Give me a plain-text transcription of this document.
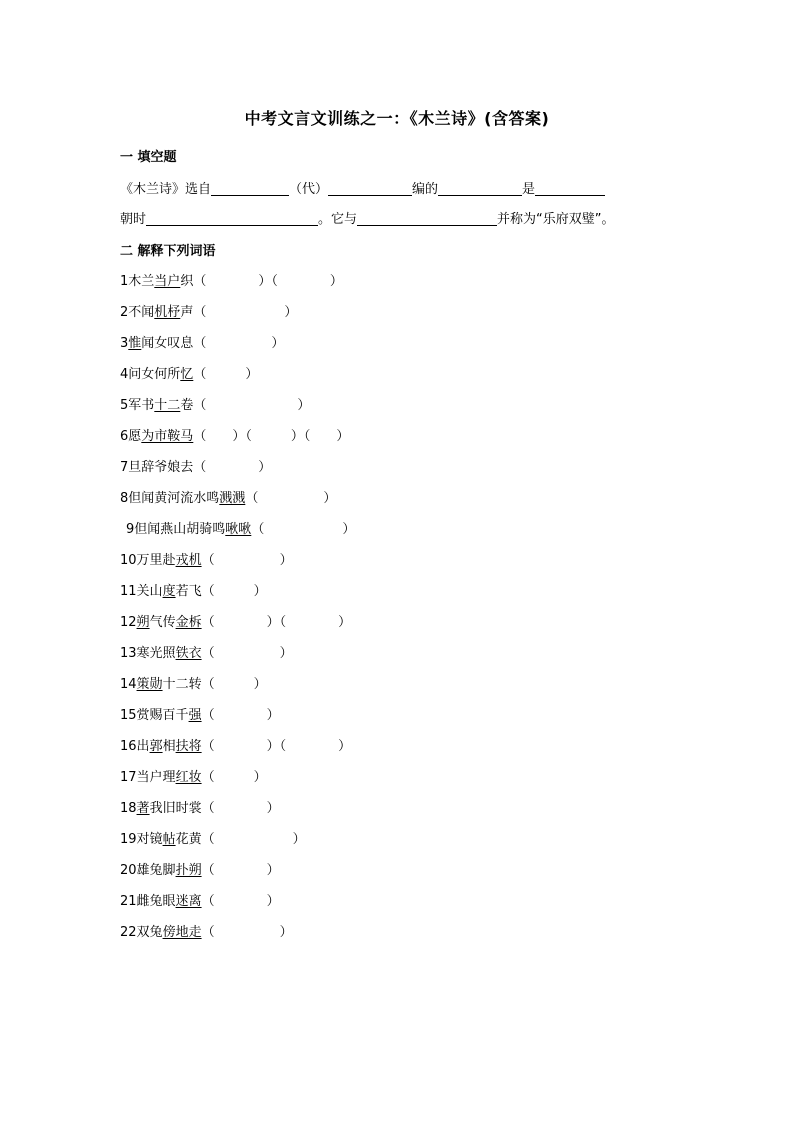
中考文言文训练之一：《木兰诗》(含答案)
一 填空题
《木兰诗》选自	（代）	编的	是
朝时	。它与	并称为“乐府双璧”。
二 解释下列词语
1木兰当户织（　　　　）（　　　　）
2不闻机杼声（　　　　　　）
3惟闻女叹息（　　　　　）
4问女何所忆（　　　）
5军书十二卷（　　　　　　　）
6愿为市鞍马（　　）（　　　）（　　）
7旦辞爷娘去（　　　　）
8但闻黄河流水鸣溅溅（　　　　　）
9但闻燕山胡骑鸣啾啾（　　　　　　）
10万里赴戎机（　　　　　）
11关山度若飞（　　　）
12朔气传金柝（　　　　）（　　　　）
13寒光照铁衣（　　　　　）
14策勋十二转（　　　）
15赏赐百千强（　　　　）
16出郭相扶将（　　　　）（　　　　）
17当户理红妆（　　　）
18著我旧时裳（　　　　）
19对镜帖花黄（　　　　　　）
20雄兔脚扑朔（　　　　）
21雌兔眼迷离（　　　　）
22双兔傍地走（　　　　　）
